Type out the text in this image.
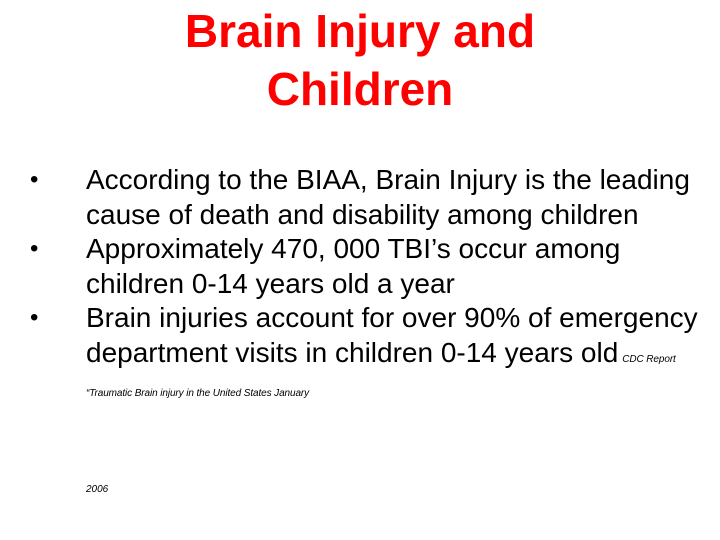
Brain Injury and
Children
•	According to the BIAA, Brain Injury is the leading cause of death and disability among children
•	Approximately 470, 000 TBI’s occur among children 0-14 years old a year
•	Brain injuries account for over 90% of emergency department visits in children 0-14 years old CDC Report “Traumatic Brain injury in the United States January
2006
